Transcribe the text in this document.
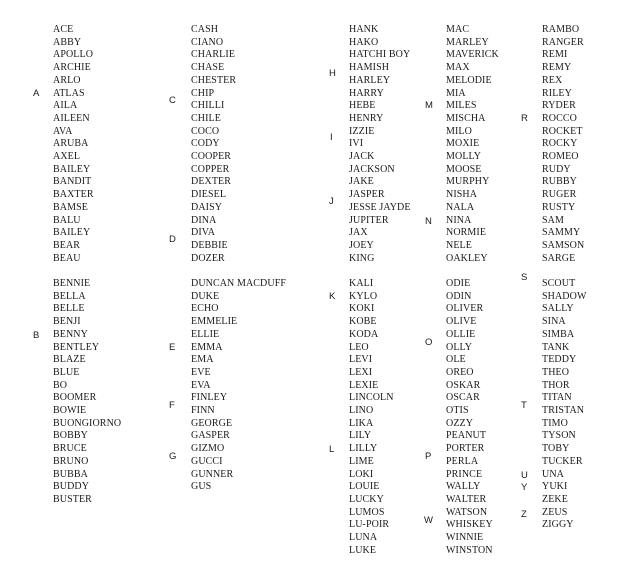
ACE
ABBY
APOLLO
ARCHIE
ARLO
ATLAS
AILA
AILEEN
AVA
ARUBA
AXEL
BAILEY
BANDIT
BAXTER
BAMSE
BALU
BAILEY
BEAR
BEAU
BENNIE
BELLA
BELLE
BENJI
BENNY
BENTLEY
BLAZE
BLUE
BO
BOOMER
BOWIE
BUONGIORNO
BOBBY
BRUCE
BRUNO
BUBBA
BUDDY
BUSTER
CASH
CIANO
CHARLIE
CHASE
CHESTER
CHIP
CHILLI
CHILE
COCO
CODY
COOPER
COPPER
DEXTER
DIESEL
DAISY
DINA
DIVA
DEBBIE
DOZER
DUNCAN MACDUFF
DUKE
ECHO
EMMELIE
ELLIE
EMMA
EMA
EVE
EVA
FINLEY
FINN
GEORGE
GASPER
GIZMO
GUCCI
GUNNER
GUS
HANK
HAKO
HATCHI BOY
HAMISH
HARLEY
HARRY
HEBE
HENRY
IZZIE
IVI
JACK
JACKSON
JAKE
JASPER
JESSE JAYDE
JUPITER
JAX
JOEY
KING
KALI
KYLO
KOKI
KOBE
KODA
LEO
LEVI
LEXI
LEXIE
LINCOLN
LINO
LIKA
LILY
LILLY
LIME
LOKI
LOUIE
LUCKY
LUMOS
LU-POIR
LUNA
LUKE
MAC
MARLEY
MAVERICK
MAX
MELODIE
MIA
MILES
MISCHA
MILO
MOXIE
MOLLY
MOOSE
MURPHY
NISHA
NALA
NINA
NORMIE
NELE
OAKLEY
ODIE
ODIN
OLIVER
OLIVE
OLLIE
OLLY
OLE
OREO
OSKAR
OSCAR
OTIS
OZZY
PEANUT
PORTER
PERLA
PRINCE
WALLY
WALTER
WATSON
WHISKEY
WINNIE
WINSTON
RAMBO
RANGER
REMI
REMY
REX
RILEY
RYDER
ROCCO
ROCKET
ROCKY
ROMEO
RUDY
RUBBY
RUGER
RUSTY
SAM
SAMMY
SAMSON
SARGE
SCOUT
SHADOW
SALLY
SINA
SIMBA
TANK
TEDDY
THEO
THOR
TITAN
TRISTAN
TIMO
TYSON
TOBY
TUCKER
UNA
YUKI
ZEKE
ZEUS
ZIGGY
A
B
C
D
E
F
G
H
I
J
K
L
M
N
O
P
W
R
S
T
U
Y
Z
